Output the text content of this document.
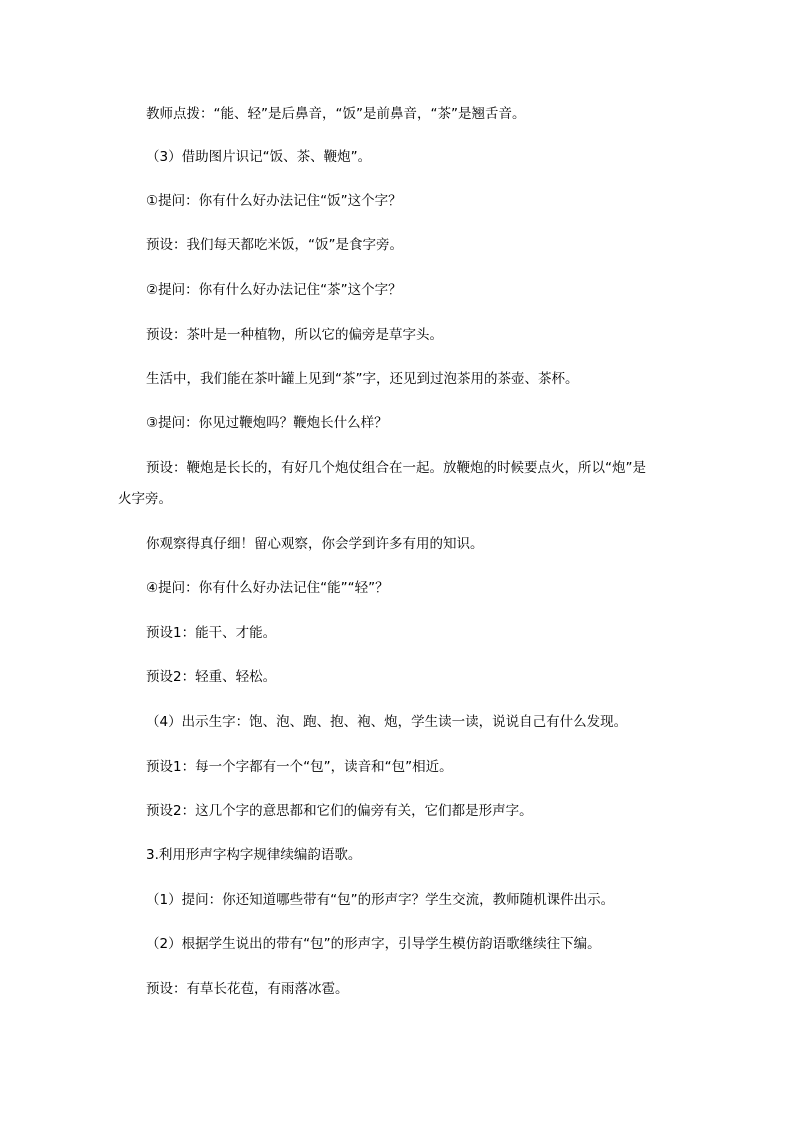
教师点拨：“能、轻”是后鼻音，“饭”是前鼻音，“茶”是翘舌音。
（3）借助图片识记“饭、茶、鞭炮”。
①提问：你有什么好办法记住“饭”这个字？
预设：我们每天都吃米饭，“饭”是食字旁。
②提问：你有什么好办法记住“茶”这个字？
预设：茶叶是一种植物，所以它的偏旁是草字头。
生活中，我们能在茶叶罐上见到“茶”字，还见到过泡茶用的茶壶、茶杯。
③提问：你见过鞭炮吗？鞭炮长什么样？
预设：鞭炮是长长的，有好几个炮仗组合在一起。放鞭炮的时候要点火，所以“炮”是
火字旁。
你观察得真仔细！留心观察，你会学到许多有用的知识。
④提问：你有什么好办法记住“能”“轻”？
预设1：能干、才能。
预设2：轻重、轻松。
（4）出示生字：饱、泡、跑、抱、袍、炮，学生读一读，说说自己有什么发现。
预设1：每一个字都有一个“包”，读音和“包”相近。
预设2：这几个字的意思都和它们的偏旁有关，它们都是形声字。
3.利用形声字构字规律续编韵语歌。
（1）提问：你还知道哪些带有“包”的形声字？学生交流，教师随机课件出示。
（2）根据学生说出的带有“包”的形声字，引导学生模仿韵语歌继续往下编。
预设：有草长花苞，有雨落冰雹。
